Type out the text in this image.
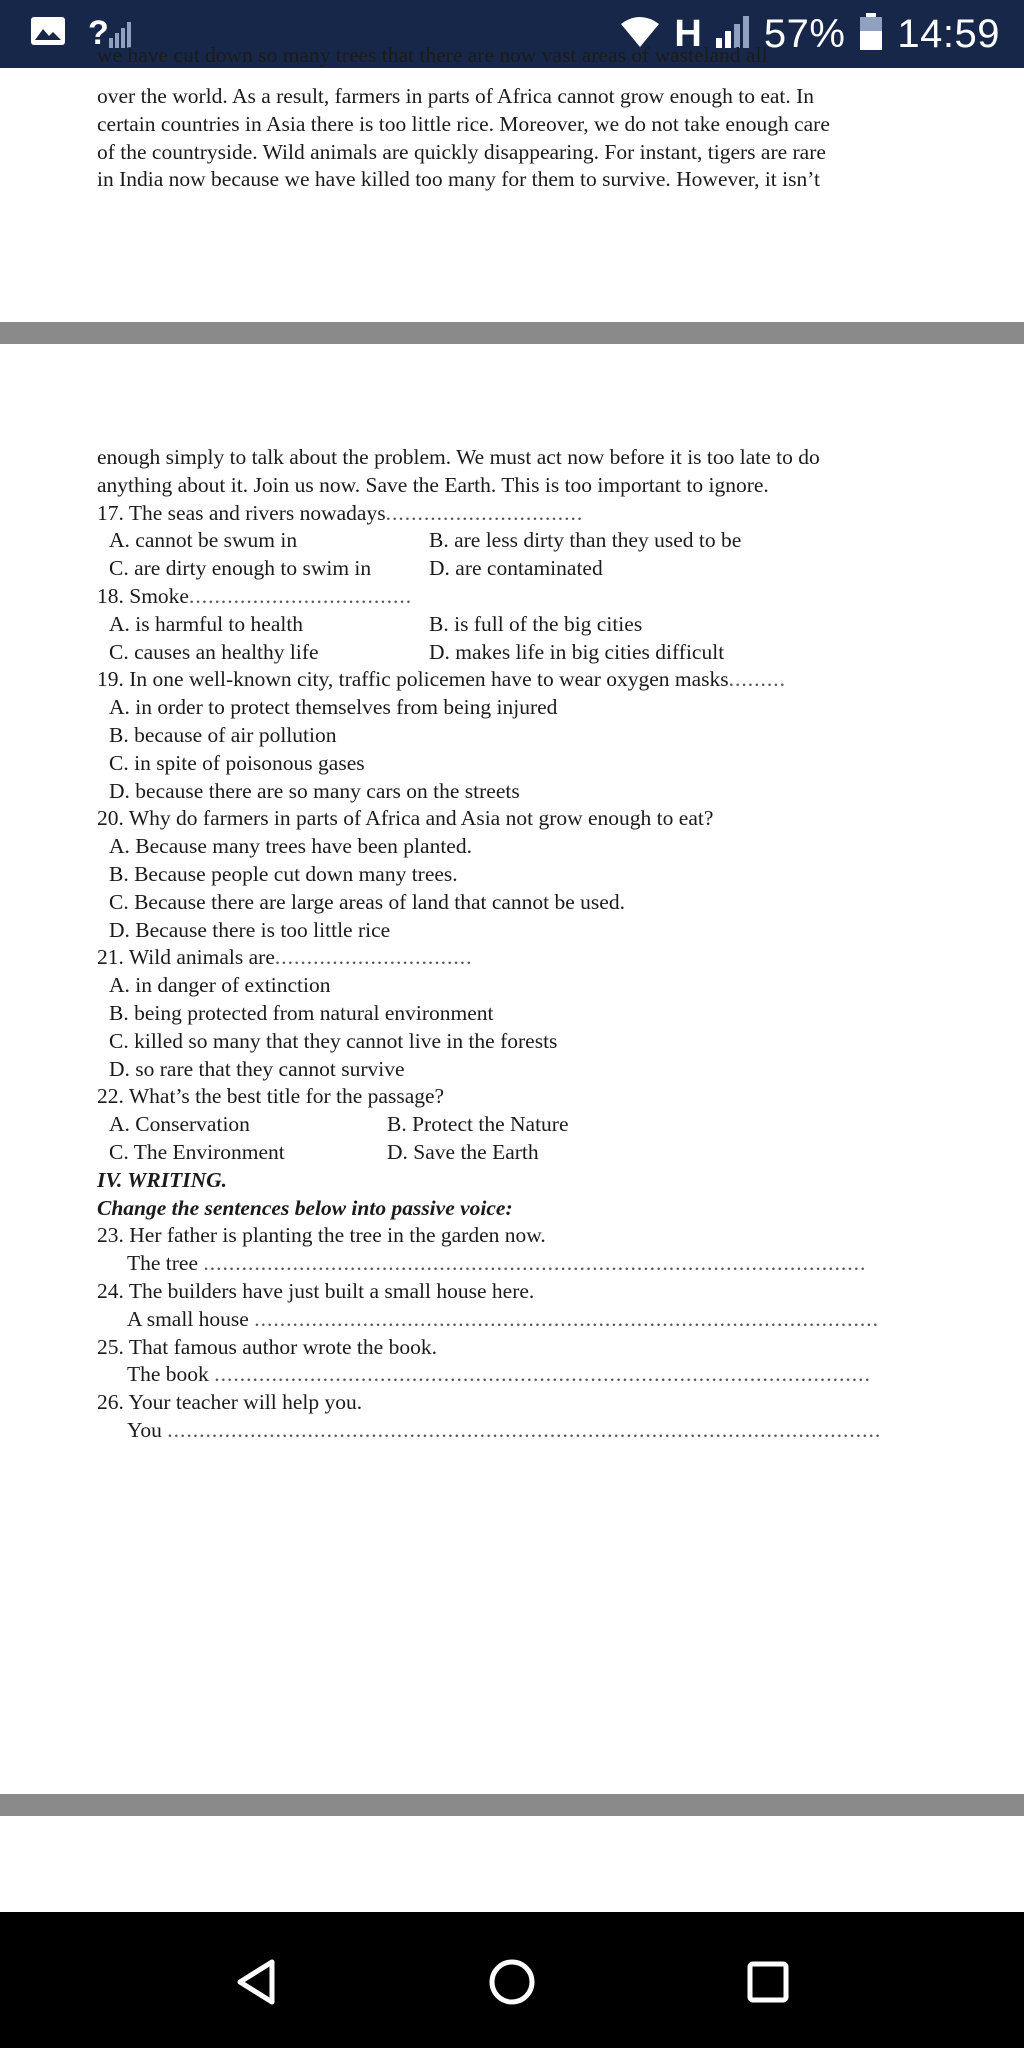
?	H 57% 14:59
we have cut down so many trees that there are now vast areas of wasteland all

over the world. As a result, farmers in parts of Africa cannot grow enough to eat. In

certain countries in Asia there is too little rice. Moreover, we do not take enough care

of the countryside. Wild animals are quickly disappearing. For instant, tigers are rare

in India now because we have killed too many for them to survive. However, it isn’t

enough simply to talk about the problem. We must act now before it is too late to do

anything about it. Join us now. Save the Earth. This is too important to ignore.

17. The seas and rivers nowadays...............................
A. cannot be swum in	B. are less dirty than they used to be
C. are dirty enough to swim in	D. are contaminated
18. Smoke...................................
A. is harmful to health	B. is full of the big cities
C. causes an healthy life	D. makes life in big cities difficult
19. In one well-known city, traffic policemen have to wear oxygen masks.........
A. in order to protect themselves from being injured
B. because of air pollution
C. in spite of poisonous gases
D. because there are so many cars on the streets
20. Why do farmers in parts of Africa and Asia not grow enough to eat?
A. Because many trees have been planted.
B. Because people cut down many trees.
C. Because there are large areas of land that cannot be used.
D. Because there is too little rice
21. Wild animals are...............................
A. in danger of extinction
B. being protected from natural environment
C. killed so many that they cannot live in the forests
D. so rare that they cannot survive
22. What’s the best title for the passage?
A. Conservation	B. Protect the Nature
C. The Environment	D. Save the Earth
IV. WRITING.
Change the sentences below into passive voice:
23. Her father is planting the tree in the garden now.
The tree ........................................................................................................
24. The builders have just built a small house here.
A small house ..................................................................................................
25. That famous author wrote the book.
The book .......................................................................................................
26. Your teacher will help you.
You ................................................................................................................
